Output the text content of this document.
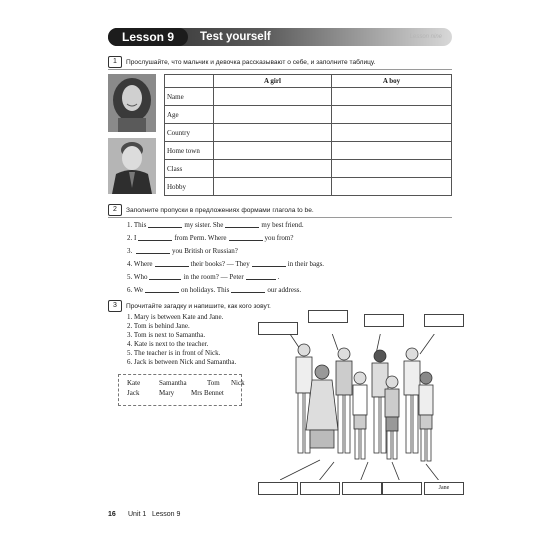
Lesson 9	Test yourself	Lesson nine
1	Прослушайте, что мальчик и девочка рассказывают о себе, и заполните таблицу.
	A girl	A boy
Name		
Age		
Country		
Home town		
Class		
Hobby		
2	Заполните пропуски в предложениях формами глагола to be.
1. This	my sister. She	my best friend.
2. I	from Perm. Where	you from?
3.	you British or Russian?
4. Where	their books? — They	in their bags.
5. Who	in the room? — Peter	.
6. We	on holidays. This	our address.
3	Прочитайте загадку и напишите, как кого зовут.
1. Mary is between Kate and Jane.
2. Tom is behind Jane.
3. Tom is next to Samantha.
4. Kate is next to the teacher.
5. The teacher is in front of Nick.
6. Jack is between Nick and Samantha.
Kate	Samantha	Tom Nick
Jack	Mary Mrs Bennet
Jane
16 Unit 1 Lesson 9
